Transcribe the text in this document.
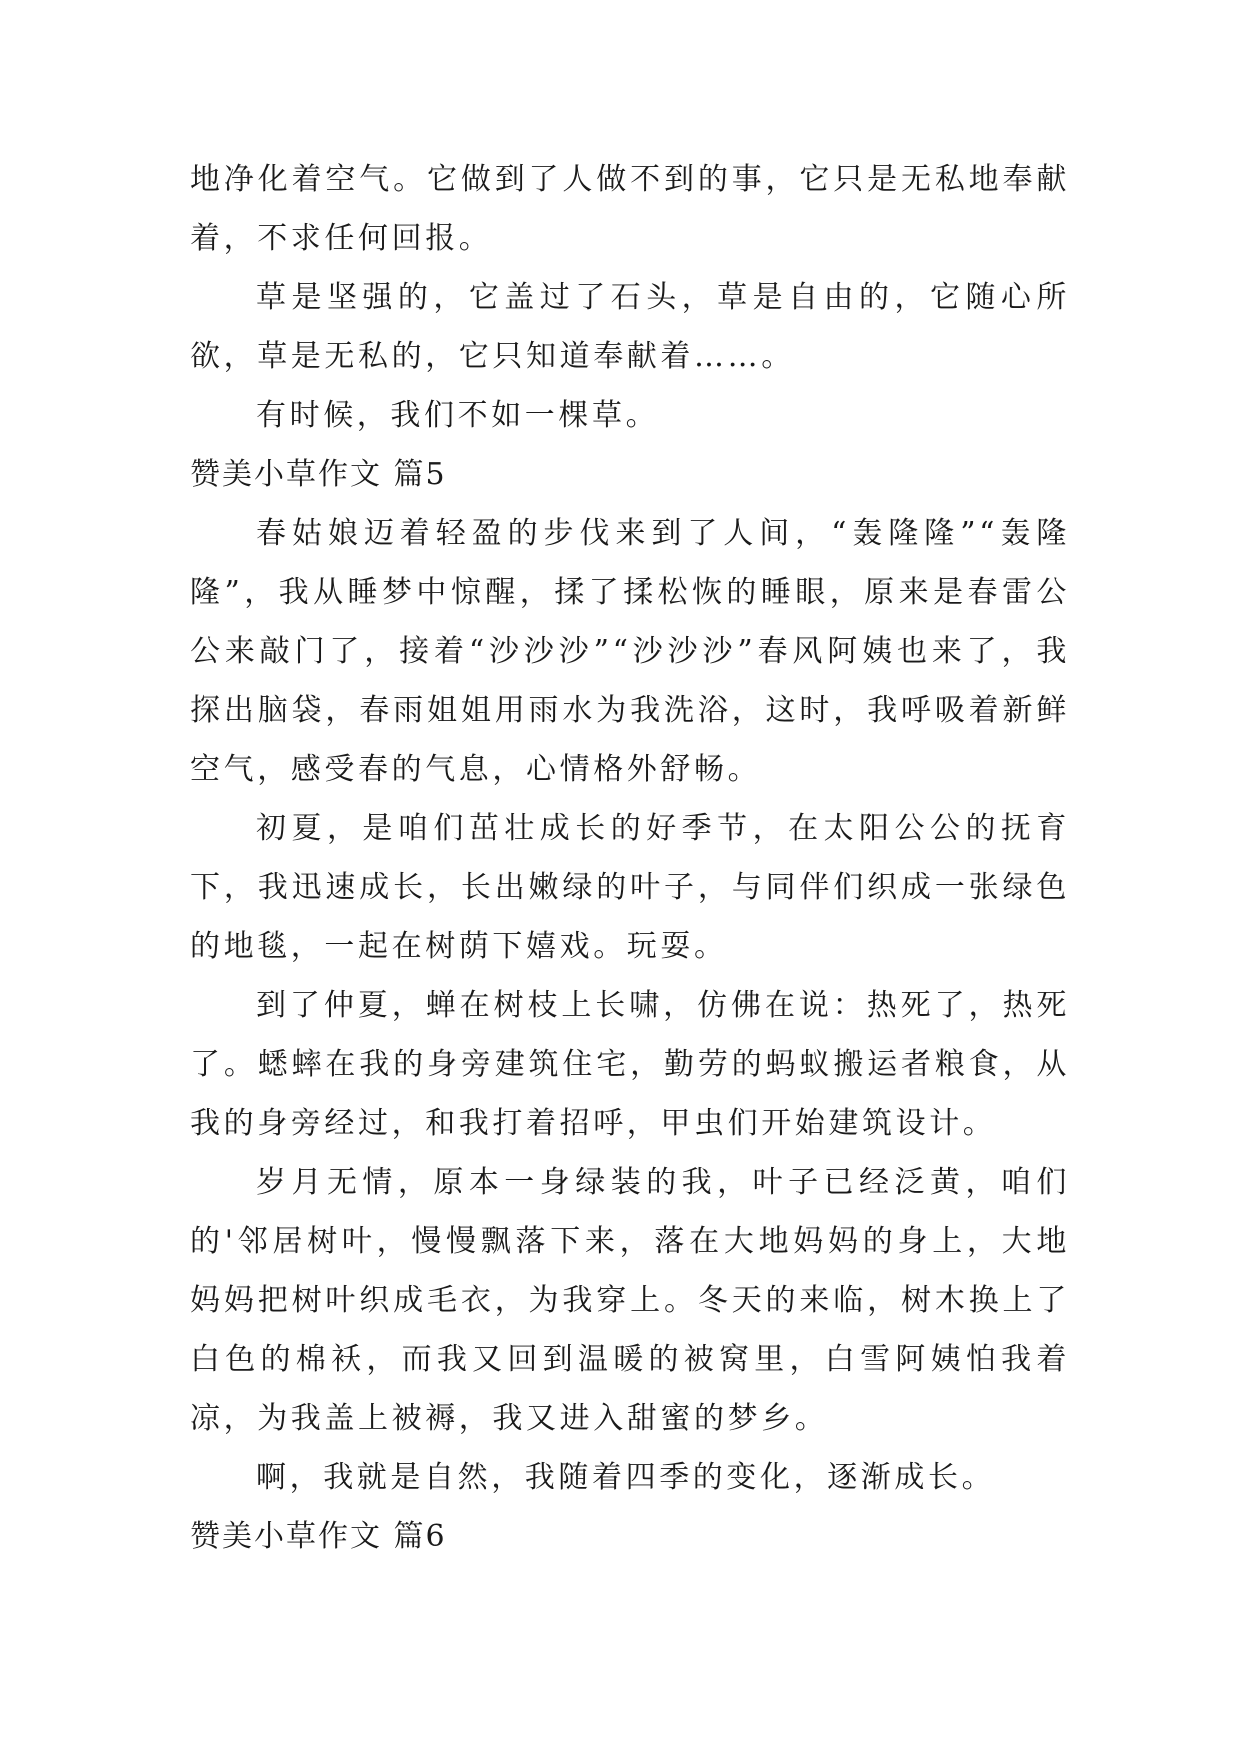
地净化着空气。它做到了人做不到的事，它只是无私地奉献着，不求任何回报。

草是坚强的，它盖过了石头，草是自由的，它随心所欲，草是无私的，它只知道奉献着……。

有时候，我们不如一棵草。

赞美小草作文 篇5

春姑娘迈着轻盈的步伐来到了人间，“轰隆隆”“轰隆隆”，我从睡梦中惊醒，揉了揉松恢的睡眼，原来是春雷公公来敲门了，接着“沙沙沙”“沙沙沙”春风阿姨也来了，我探出脑袋，春雨姐姐用雨水为我洗浴，这时，我呼吸着新鲜空气，感受春的气息，心情格外舒畅。

初夏，是咱们茁壮成长的好季节，在太阳公公的抚育下，我迅速成长，长出嫩绿的叶子，与同伴们织成一张绿色的地毯，一起在树荫下嬉戏。玩耍。

到了仲夏，蝉在树枝上长啸，仿佛在说：热死了，热死了。蟋蟀在我的身旁建筑住宅，勤劳的蚂蚁搬运者粮食，从我的身旁经过，和我打着招呼，甲虫们开始建筑设计。

岁月无情，原本一身绿装的我，叶子已经泛黄，咱们的'邻居树叶，慢慢飘落下来，落在大地妈妈的身上，大地妈妈把树叶织成毛衣，为我穿上。冬天的来临，树木换上了白色的棉袄，而我又回到温暖的被窝里，白雪阿姨怕我着凉，为我盖上被褥，我又进入甜蜜的梦乡。

啊，我就是自然，我随着四季的变化，逐渐成长。

赞美小草作文 篇6
